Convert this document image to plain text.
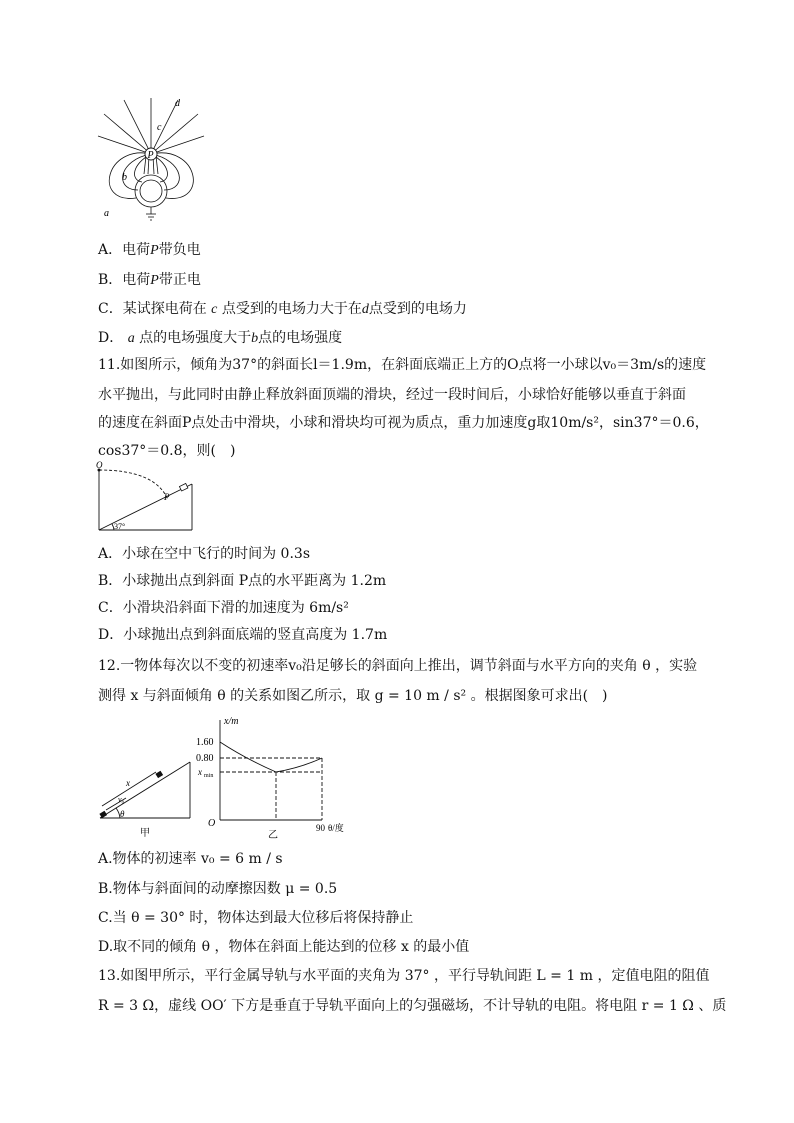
P
c
d
b
a
A．电荷P带负电
B．电荷P带正电
C．某试探电荷在 c 点受到的电场力大于在d点受到的电场力
D． a 点的电场强度大于b点的电场强度
11.如图所示，倾角为37°的斜面长l＝1.9m，在斜面底端正上方的O点将一小球以v₀＝3m/s的速度
水平抛出，与此同时由静止释放斜面顶端的滑块，经过一段时间后，小球恰好能够以垂直于斜面
的速度在斜面P点处击中滑块，小球和滑块均可视为质点，重力加速度g取10m/s²，sin37°＝0.6，
cos37°＝0.8，则(　)
O
P
37°
A．小球在空中飞行的时间为 0.3s
B．小球抛出点到斜面 P点的水平距离为 1.2m
C．小滑块沿斜面下滑的加速度为 6m/s²
D．小球抛出点到斜面底端的竖直高度为 1.7m
12.一物体每次以不变的初速率v₀沿足够长的斜面向上推出，调节斜面与水平方向的夹角 θ ，实验
测得 x 与斜面倾角 θ 的关系如图乙所示，取 g = 10 m / s² 。根据图象可求出(　)
x
v₀
θ
甲
x/m
1.60
0.80
x min
O	90 θ/度
乙
A.物体的初速率 v₀ = 6 m / s
B.物体与斜面间的动摩擦因数 μ = 0.5
C.当 θ = 30° 时，物体达到最大位移后将保持静止
D.取不同的倾角 θ ，物体在斜面上能达到的位移 x 的最小值
13.如图甲所示，平行金属导轨与水平面的夹角为 37° ，平行导轨间距 L = 1 m ，定值电阻的阻值
R = 3 Ω，虚线 OO′ 下方是垂直于导轨平面向上的匀强磁场，不计导轨的电阻。将电阻 r = 1 Ω 、质
